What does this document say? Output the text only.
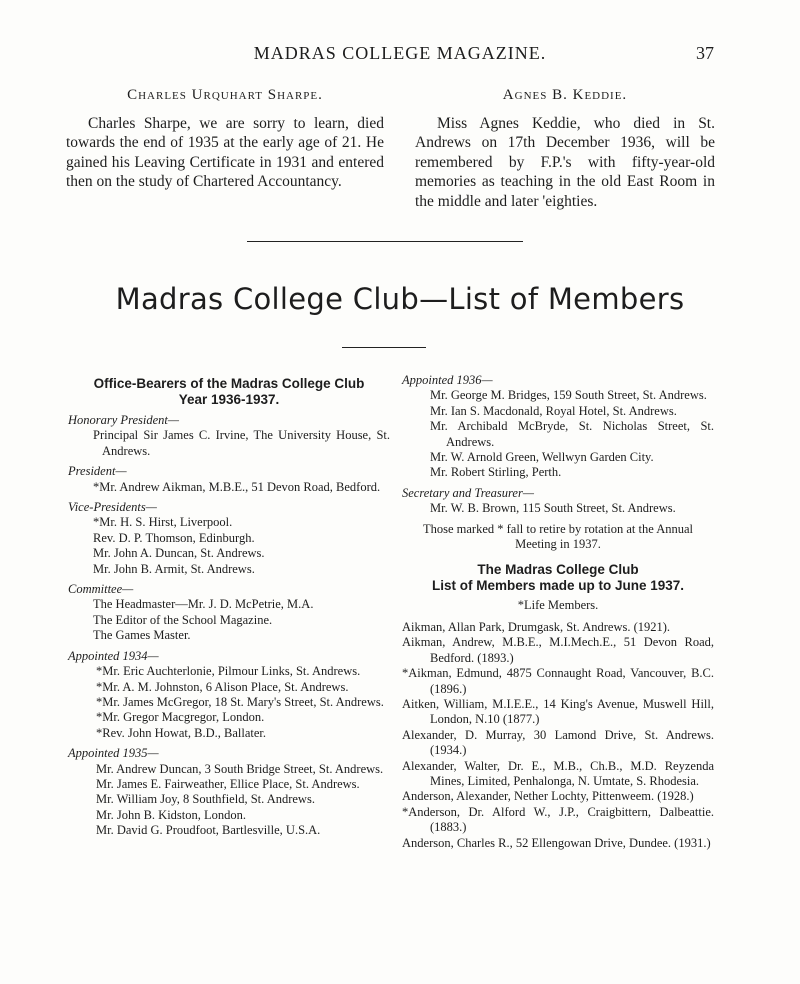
MADRAS COLLEGE MAGAZINE.	37
Charles Urquhart Sharpe.

Charles Sharpe, we are sorry to learn, died towards the end of 1935 at the early age of 21. He gained his Leaving Certificate in 1931 and entered then on the study of Chartered Accountancy.

Agnes B. Keddie.

Miss Agnes Keddie, who died in St. Andrews on 17th December 1936, will be remembered by F.P.'s with fifty-year-old memories as teaching in the old East Room in the middle and later 'eighties.

Madras College Club—List of Members
Office-Bearers of the Madras College Club
Year 1936-1937.
Honorary President—
Principal Sir James C. Irvine, The University House, St. Andrews.
President—
*Mr. Andrew Aikman, M.B.E., 51 Devon Road, Bedford.
Vice-Presidents—
*Mr. H. S. Hirst, Liverpool.
Rev. D. P. Thomson, Edinburgh.
Mr. John A. Duncan, St. Andrews.
Mr. John B. Armit, St. Andrews.
Committee—
The Headmaster—Mr. J. D. McPetrie, M.A.
The Editor of the School Magazine.
The Games Master.
Appointed 1934—
*Mr. Eric Auchterlonie, Pilmour Links, St. Andrews.
*Mr. A. M. Johnston, 6 Alison Place, St. Andrews.
*Mr. James McGregor, 18 St. Mary's Street, St. Andrews.
*Mr. Gregor Macgregor, London.
*Rev. John Howat, B.D., Ballater.
Appointed 1935—
Mr. Andrew Duncan, 3 South Bridge Street, St. Andrews.
Mr. James E. Fairweather, Ellice Place, St. Andrews.
Mr. William Joy, 8 Southfield, St. Andrews.
Mr. John B. Kidston, London.
Mr. David G. Proudfoot, Bartlesville, U.S.A.
Appointed 1936—
Mr. George M. Bridges, 159 South Street, St. Andrews.
Mr. Ian S. Macdonald, Royal Hotel, St. Andrews.
Mr. Archibald McBryde, St. Nicholas Street, St. Andrews.
Mr. W. Arnold Green, Wellwyn Garden City.
Mr. Robert Stirling, Perth.
Secretary and Treasurer—
Mr. W. B. Brown, 115 South Street, St. Andrews.
Those marked * fall to retire by rotation at the Annual Meeting in 1937.
The Madras College Club
List of Members made up to June 1937.
*Life Members.
Aikman, Allan Park, Drumgask, St. Andrews. (1921).
Aikman, Andrew, M.B.E., M.I.Mech.E., 51 Devon Road, Bedford. (1893.)
*Aikman, Edmund, 4875 Connaught Road, Vancouver, B.C. (1896.)
Aitken, William, M.I.E.E., 14 King's Avenue, Muswell Hill, London, N.10 (1877.)
Alexander, D. Murray, 30 Lamond Drive, St. Andrews. (1934.)
Alexander, Walter, Dr. E., M.B., Ch.B., M.D. Reyzenda Mines, Limited, Penhalonga, N. Umtate, S. Rhodesia.
Anderson, Alexander, Nether Lochty, Pittenweem. (1928.)
*Anderson, Dr. Alford W., J.P., Craigbittern, Dalbeattie. (1883.)
Anderson, Charles R., 52 Ellengowan Drive, Dundee. (1931.)
